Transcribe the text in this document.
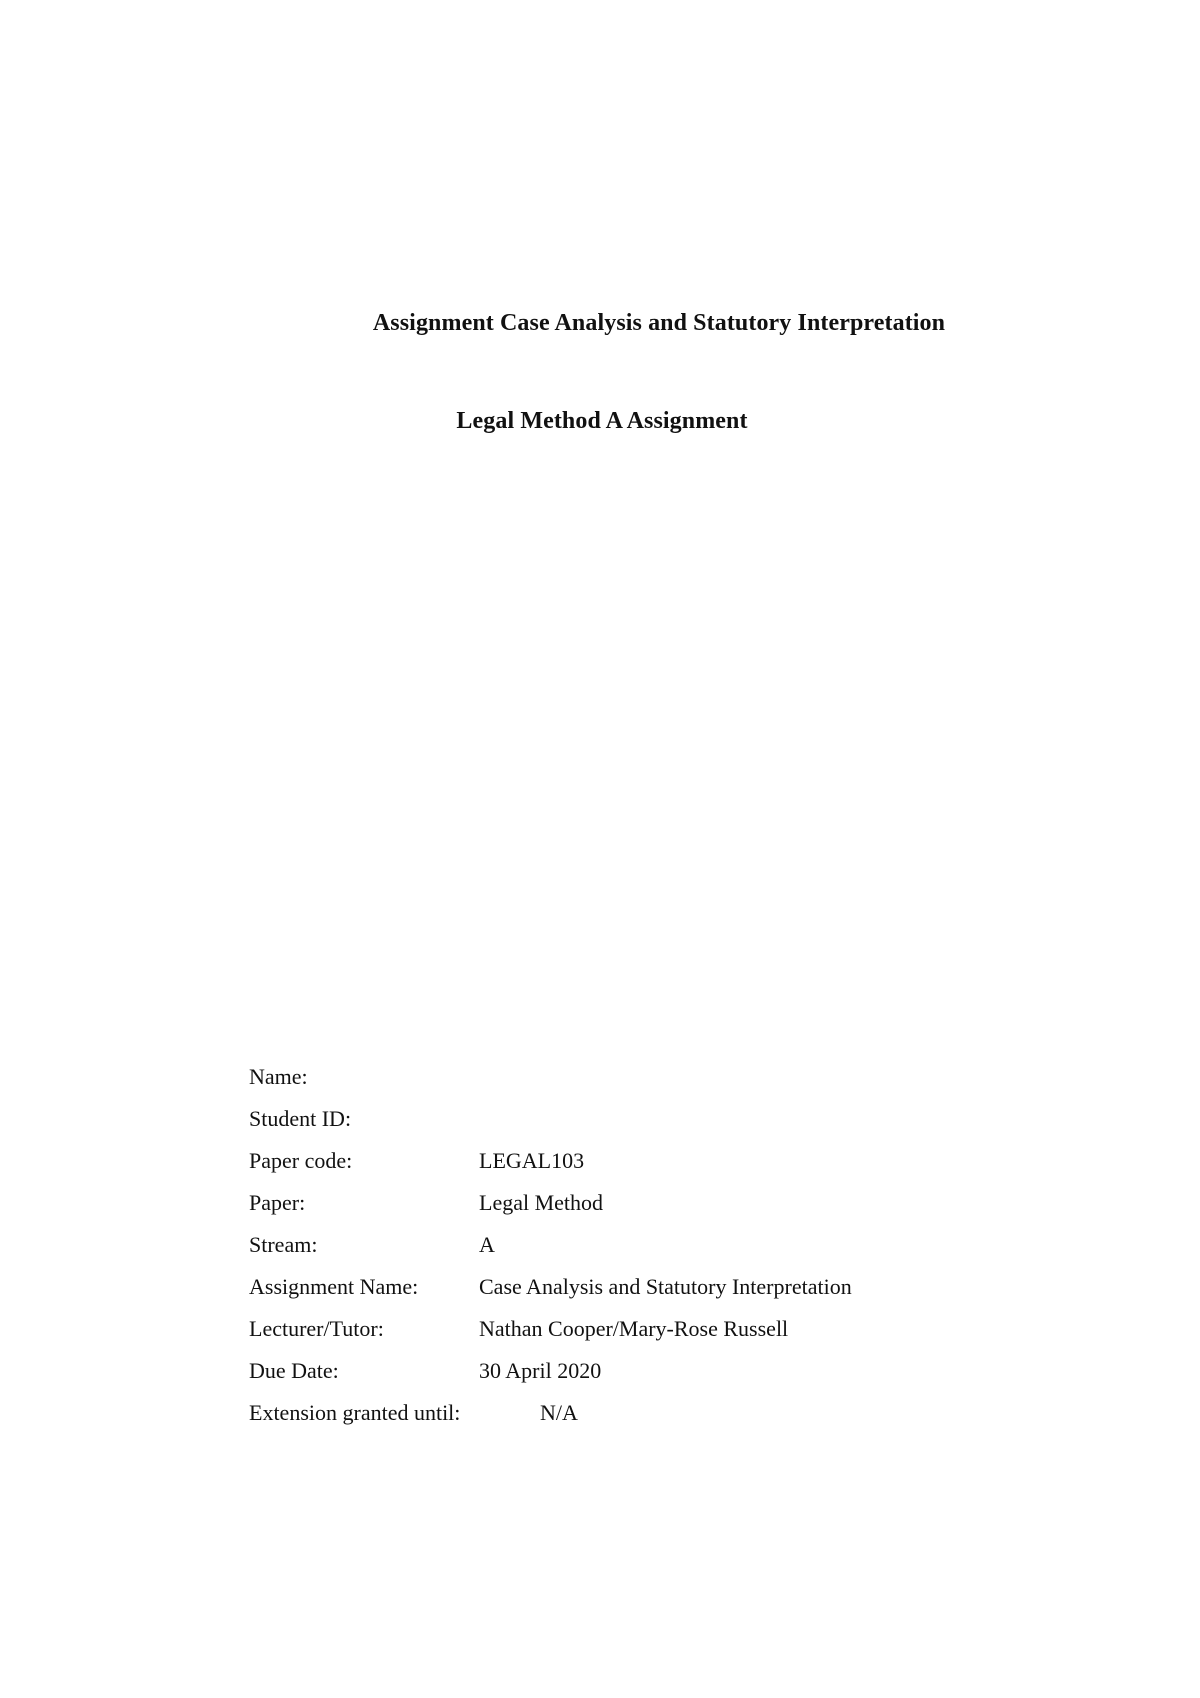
Assignment Case Analysis and Statutory Interpretation
Legal Method A Assignment
Name:
Student ID:
Paper code:	LEGAL103
Paper:	Legal Method
Stream:	A
Assignment Name:	Case Analysis and Statutory Interpretation
Lecturer/Tutor:	Nathan Cooper/Mary-Rose Russell
Due Date:	30 April 2020
Extension granted until:	N/A
